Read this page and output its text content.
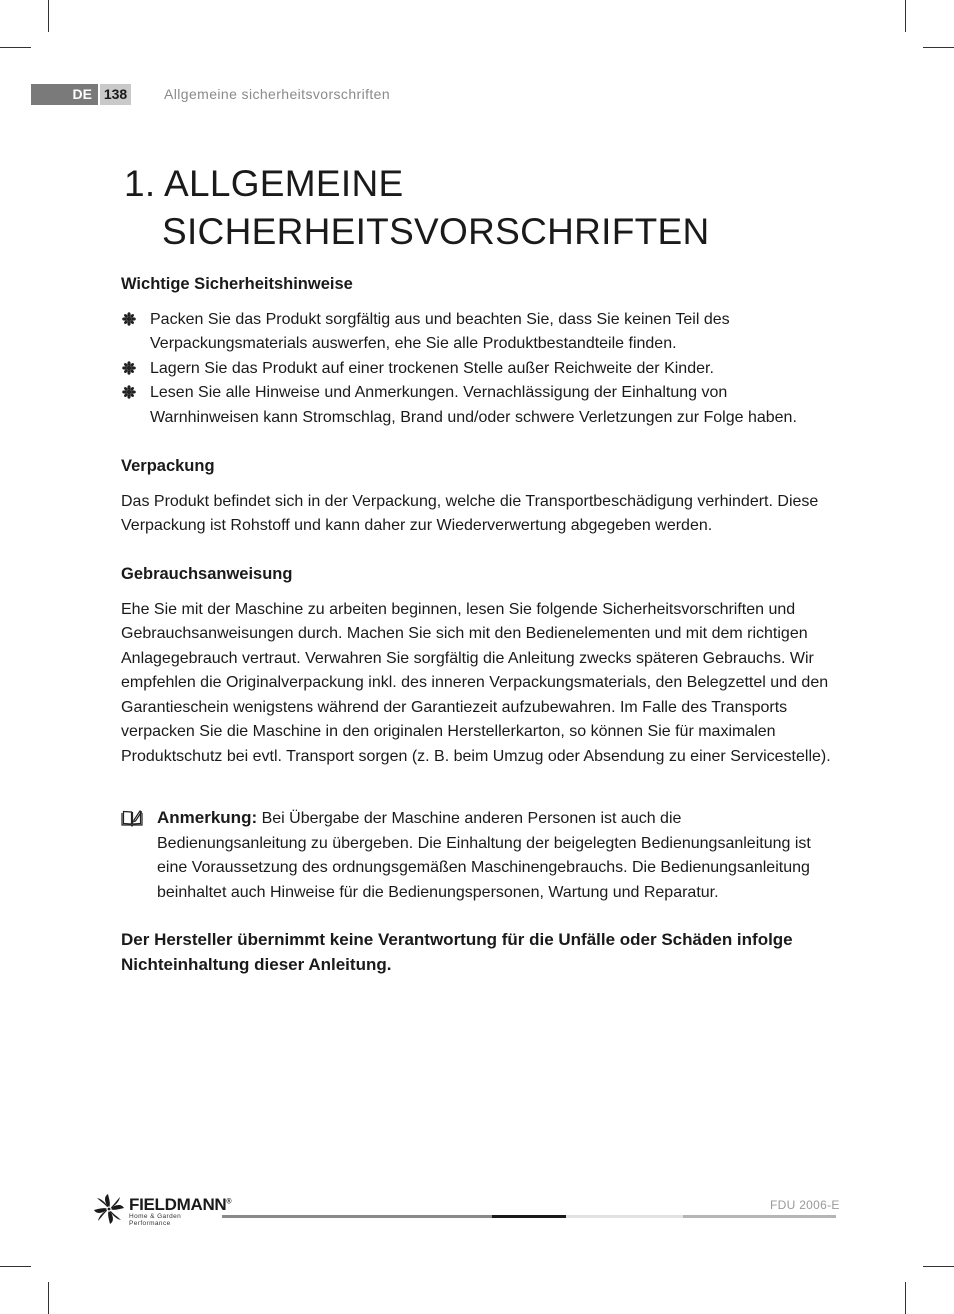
DE 138	Allgemeine sicherheitsvorschriften
1. ALLGEMEINE
SICHERHEITSVORSCHRIFTEN
Wichtige Sicherheitshinweise
Packen Sie das Produkt sorgfältig aus und beachten Sie, dass Sie keinen Teil des Verpackungsmaterials auswerfen, ehe Sie alle Produktbestandteile finden.
Lagern Sie das Produkt auf einer trockenen Stelle außer Reichweite der Kinder.
Lesen Sie alle Hinweise und Anmerkungen. Vernachlässigung der Einhaltung von Warnhinweisen kann Stromschlag, Brand und/oder schwere Verletzungen zur Folge haben.
Verpackung

Das Produkt befindet sich in der Verpackung, welche die Transportbeschädigung verhindert. Diese Verpackung ist Rohstoff und kann daher zur Wiederverwertung abgegeben werden.

Gebrauchsanweisung

Ehe Sie mit der Maschine zu arbeiten beginnen, lesen Sie folgende Sicherheitsvorschriften und Gebrauchsanweisungen durch. Machen Sie sich mit den Bedienelementen und mit dem richtigen Anlagegebrauch vertraut. Verwahren Sie sorgfältig die Anleitung zwecks späteren Gebrauchs. Wir empfehlen die Originalverpackung inkl. des inneren Verpackungsmaterials, den Belegzettel und den Garantieschein wenigstens während der Garantiezeit aufzubewahren. Im Falle des Transports verpacken Sie die Maschine in den originalen Herstellerkarton, so können Sie für maximalen Produktschutz bei evtl. Transport sorgen (z. B. beim Umzug oder Absendung zu einer Servicestelle).

Anmerkung: Bei Übergabe der Maschine anderen Personen ist auch die Bedienungsanleitung zu übergeben. Die Einhaltung der beigelegten Bedienungsanleitung ist eine Voraussetzung des ordnungsgemäßen Maschinengebrauchs. Die Bedienungsanleitung beinhaltet auch Hinweise für die Bedienungspersonen, Wartung und Reparatur.
Der Hersteller übernimmt keine Verantwortung für die Unfälle oder Schäden infolge Nichteinhaltung dieser Anleitung.
FIELDMANN®
Home & Garden Performance
FDU 2006-E
